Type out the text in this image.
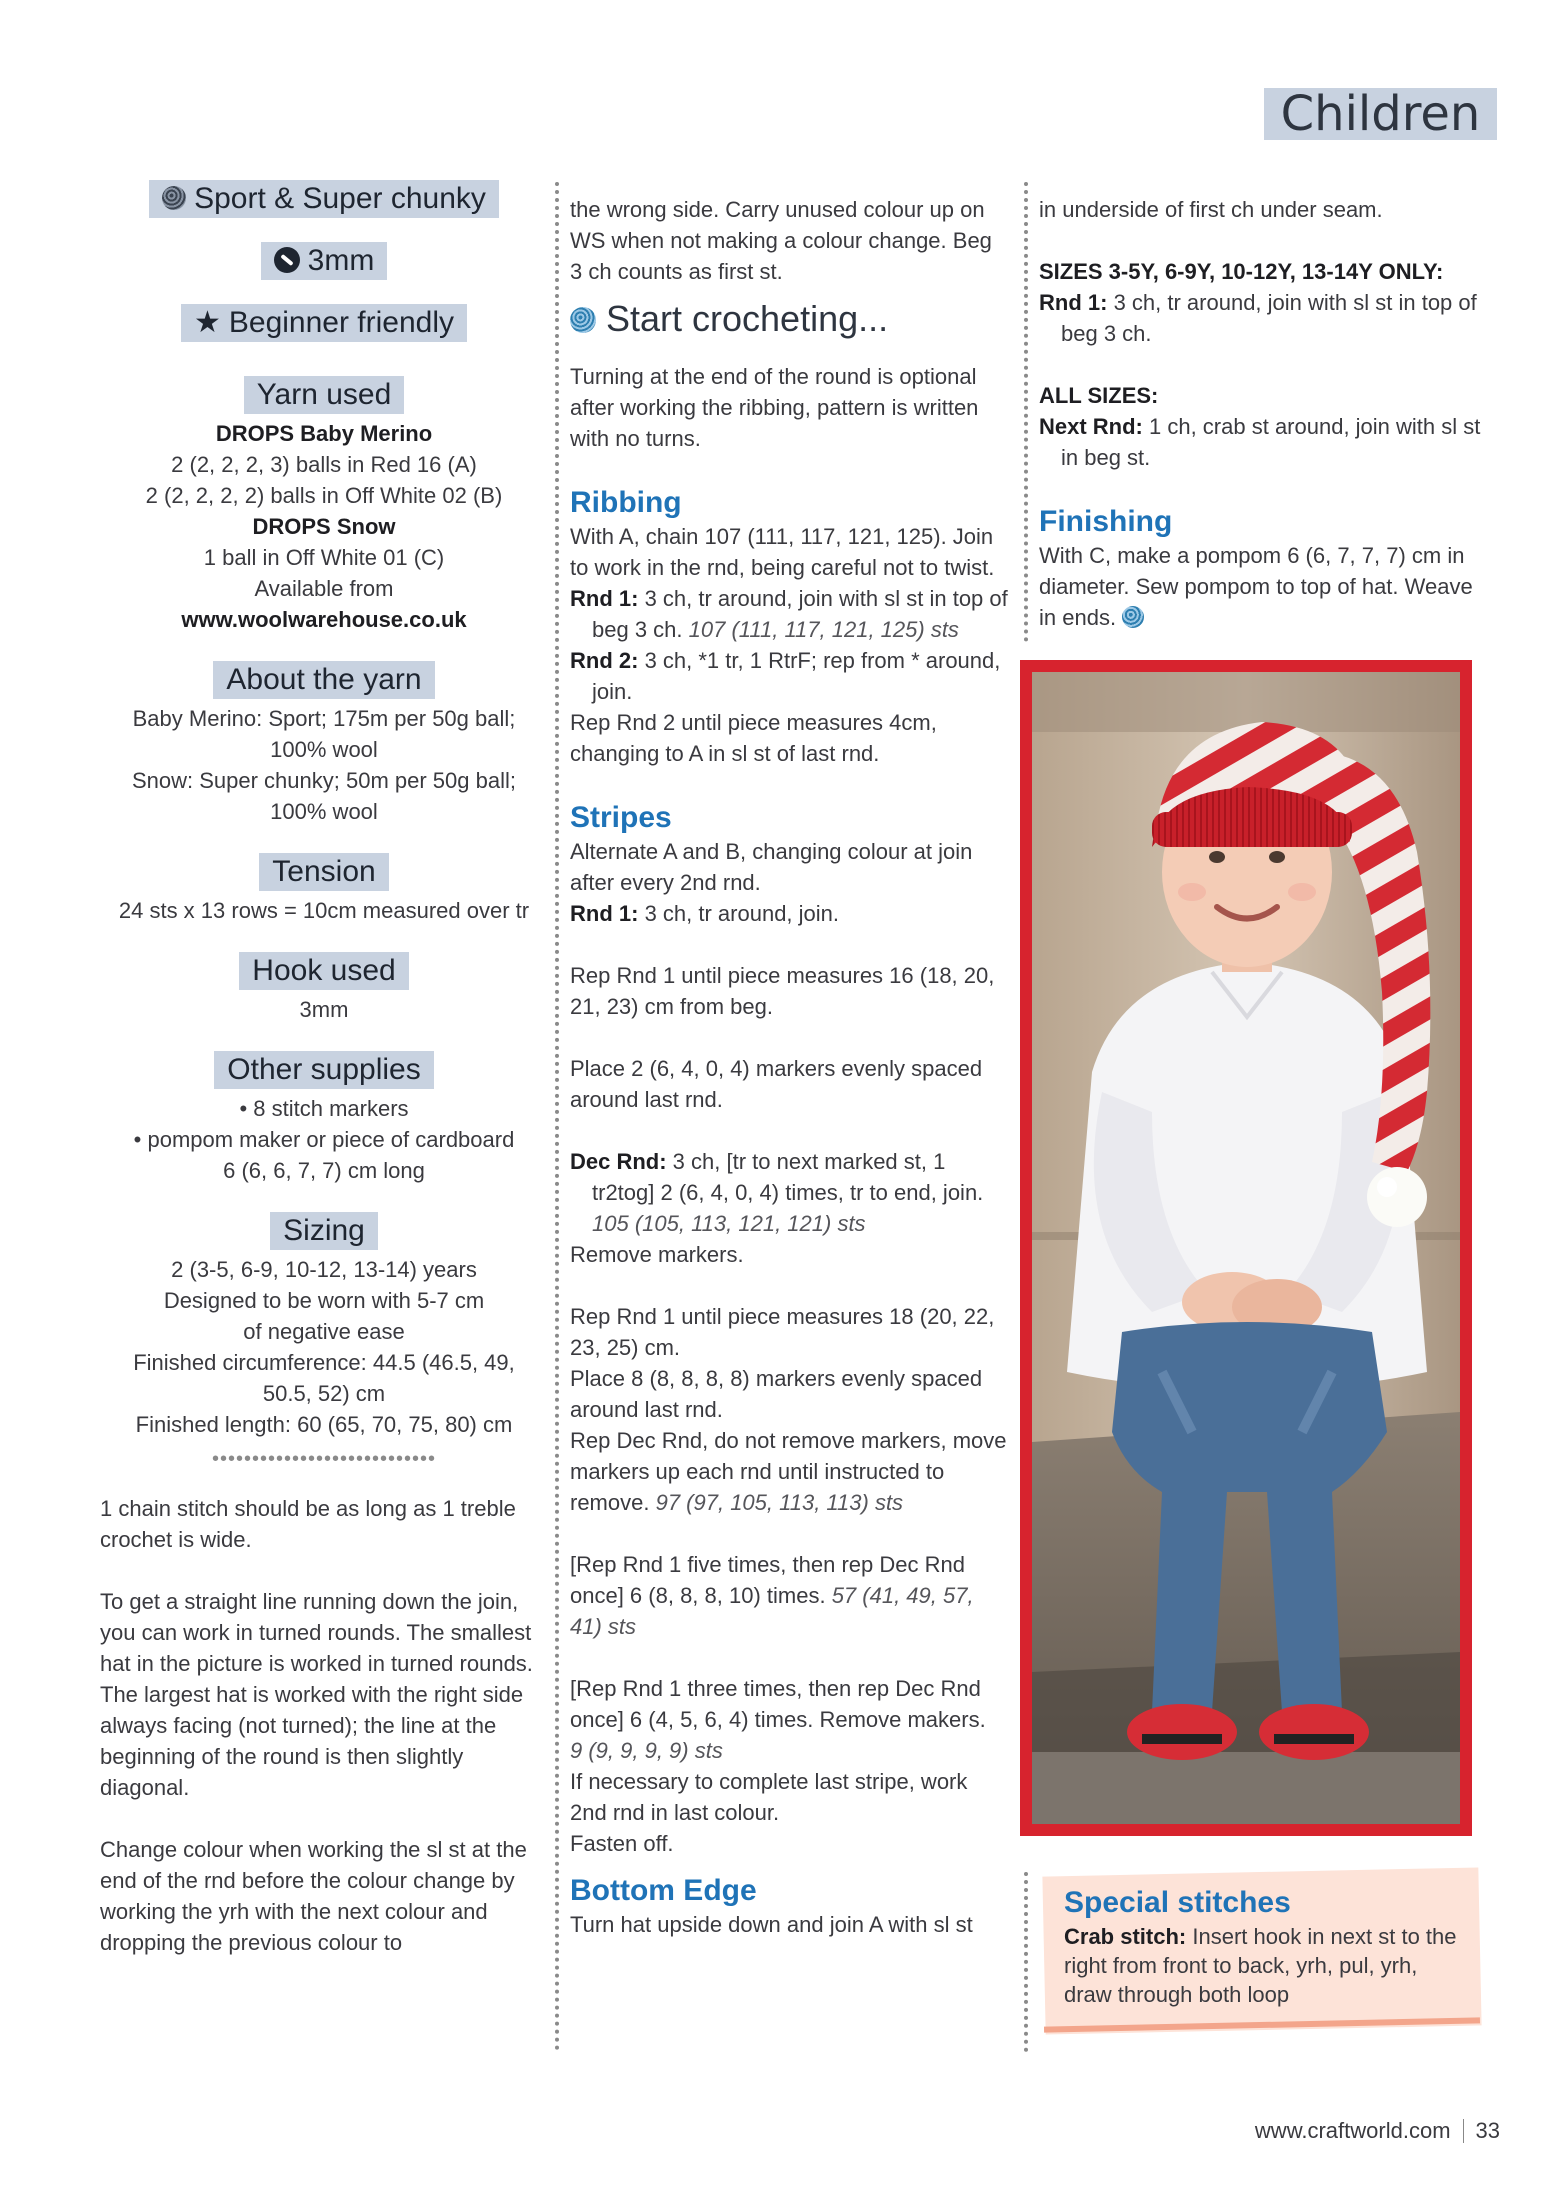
Children
Sport & Super chunky
3mm
★ Beginner friendly
Yarn used
DROPS Baby Merino
2 (2, 2, 2, 3) balls in Red 16 (A)
2 (2, 2, 2, 2) balls in Off White 02 (B)
DROPS Snow
1 ball in Off White 01 (C)
Available from
www.woolwarehouse.co.uk
About the yarn
Baby Merino: Sport; 175m per 50g ball;
100% wool
Snow: Super chunky; 50m per 50g ball;
100% wool
Tension
24 sts x 13 rows = 10cm measured over tr
Hook used
3mm
Other supplies
• 8 stitch markers
• pompom maker or piece of cardboard
6 (6, 6, 7, 7) cm long
Sizing
2 (3-5, 6-9, 10-12, 13-14) years
Designed to be worn with 5-7 cm
of negative ease
Finished circumference: 44.5 (46.5, 49,
50.5, 52) cm
Finished length: 60 (65, 70, 75, 80) cm
••••••••••••••••••••••••••••

1 chain stitch should be as long as 1 treble crochet is wide.

To get a straight line running down the join, you can work in turned rounds. The smallest hat in the picture is worked in turned rounds. The largest hat is worked with the right side always facing (not turned); the line at the beginning of the round is then slightly diagonal.

Change colour when working the sl st at the end of the rnd before the colour change by working the yrh with the next colour and dropping the previous colour to

the wrong side. Carry unused colour up on WS when not making a colour change. Beg 3 ch counts as first st.

Start crocheting...

Turning at the end of the round is optional after working the ribbing, pattern is written with no turns.

Ribbing

With A, chain 107 (111, 117, 121, 125). Join to work in the rnd, being careful not to twist.

Rnd 1: 3 ch, tr around, join with sl st in top of beg 3 ch. 107 (111, 117, 121, 125) sts

Rnd 2: 3 ch, *1 tr, 1 RtrF; rep from * around, join.

Rep Rnd 2 until piece measures 4cm, changing to A in sl st of last rnd.

Stripes

Alternate A and B, changing colour at join after every 2nd rnd.

Rnd 1: 3 ch, tr around, join.

Rep Rnd 1 until piece measures 16 (18, 20, 21, 23) cm from beg.

Place 2 (6, 4, 0, 4) markers evenly spaced around last rnd.

Dec Rnd: 3 ch, [tr to next marked st, 1 tr2tog] 2 (6, 4, 0, 4) times, tr to end, join. 105 (105, 113, 121, 121) sts

Remove markers.

Rep Rnd 1 until piece measures 18 (20, 22, 23, 25) cm.

Place 8 (8, 8, 8, 8) markers evenly spaced around last rnd.

Rep Dec Rnd, do not remove markers, move markers up each rnd until instructed to remove. 97 (97, 105, 113, 113) sts

[Rep Rnd 1 five times, then rep Dec Rnd once] 6 (8, 8, 8, 10) times. 57 (41, 49, 57, 41) sts

[Rep Rnd 1 three times, then rep Dec Rnd once] 6 (4, 5, 6, 4) times. Remove makers.

9 (9, 9, 9, 9) sts

If necessary to complete last stripe, work 2nd rnd in last colour.

Fasten off.

Bottom Edge

Turn hat upside down and join A with sl st

in underside of first ch under seam.

SIZES 3-5Y, 6-9Y, 10-12Y, 13-14Y ONLY:

Rnd 1: 3 ch, tr around, join with sl st in top of beg 3 ch.

ALL SIZES:

Next Rnd: 1 ch, crab st around, join with sl st in beg st.

Finishing

With C, make a pompom 6 (6, 7, 7, 7) cm in diameter. Sew pompom to top of hat. Weave in ends.

Special stitches
Crab stitch: Insert hook in next st to the right from front to back, yrh, pul, yrh, draw through both loop
www.craftworld.com 33
